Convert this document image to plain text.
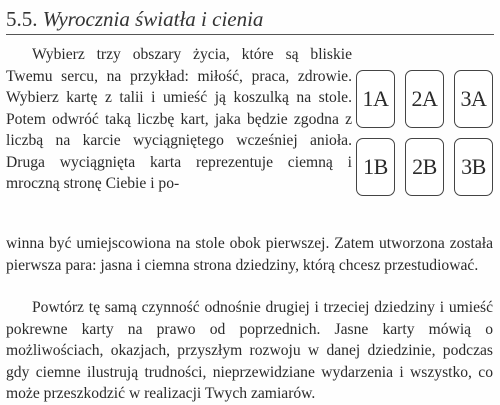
5.5. Wyrocznia światła i cienia

Wybierz trzy obszary życia, które są bliskie Twemu sercu, na przykład: miłość, praca, zdrowie. Wybierz kartę z talii i umieść ją koszulką na stole. Potem odwróć taką liczbę kart, jaka będzie zgodna z liczbą na karcie wyciągniętego wcześniej anioła. Druga wyciągnięta karta reprezentuje ciemną i mroczną stronę Ciebie i po-

1A 2A 3A
1B	2B	3B

winna być umiejscowiona na stole obok pierwszej. Zatem utworzona została pierwsza para: jasna i ciemna strona dziedziny, którą chcesz przestudiować.

Powtórz tę samą czynność odnośnie drugiej i trzeciej dziedziny i umieść pokrewne karty na prawo od poprzednich. Jasne karty mówią o możliwościach, okazjach, przyszłym rozwoju w danej dziedzinie, podczas gdy ciemne ilustrują trudności, nieprzewidziane wydarzenia i wszystko, co może przeszkodzić w realizacji Twych zamiarów.
